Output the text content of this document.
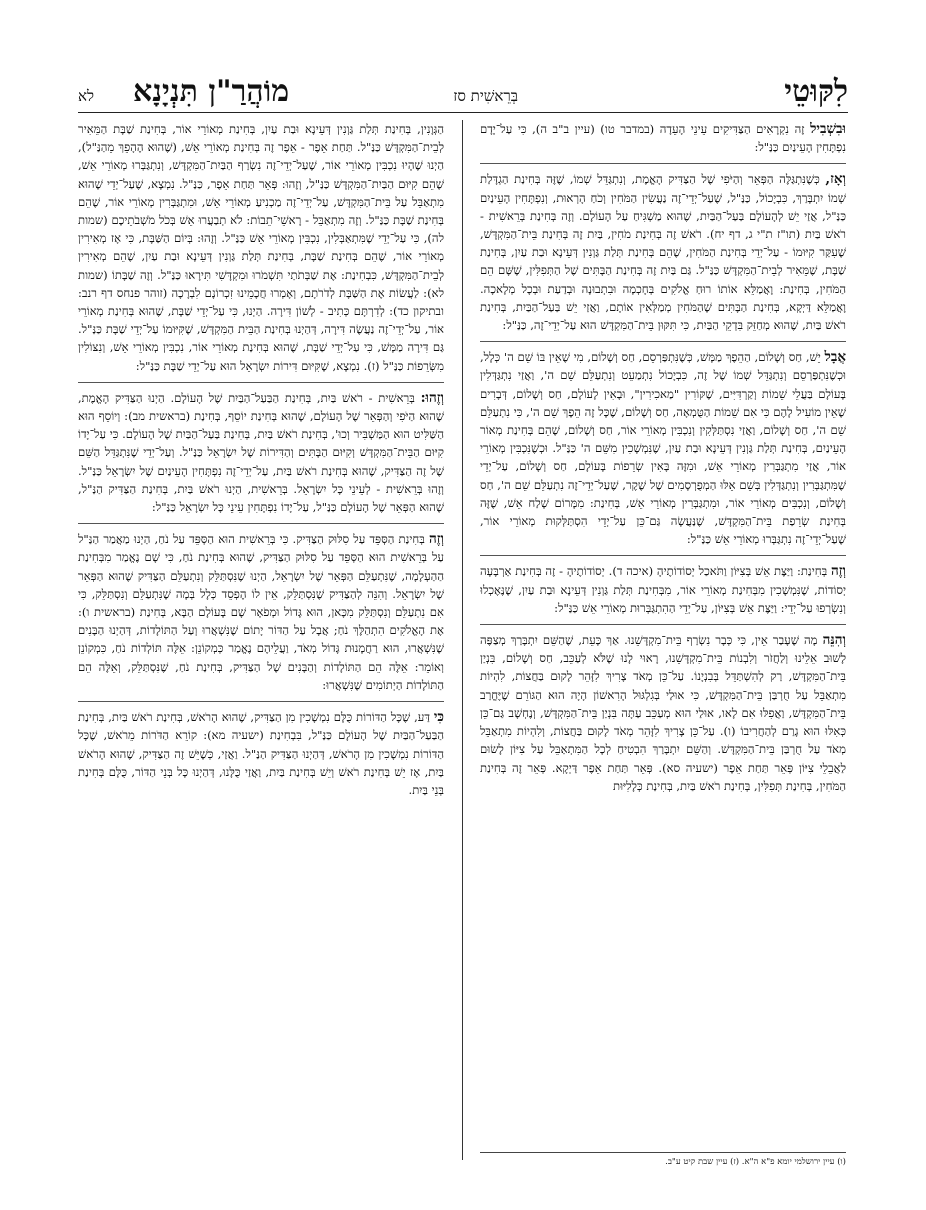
לִקּוּטֵי
בְּרֵאשִׁית סז
מוֹהֲרַ"ן תִּנְיָנָא
לא

וּבִשְׁבִיל זֶה נִקְרָאִים הַצַּדִּיקִים עֵינֵי הָעֵדָה (במדבר טו) (עיין ב"ב ה), כִּי עַל־יָדָם נִפְתָּחִין הָעֵינַיִם כַּנַּ"ל:

וְאָז, כְּשֶׁנִּתְגַּלֶּה הַפְּאֵר וְהַיֹּפִי שֶׁל הַצַּדִּיק הָאֱמֶת, וְנִתְגַּדֵּל שְׁמוֹ, שֶׁזֶּה בְּחִינַת הַגְדָּלַת שְׁמוֹ יִתְבָּרַךְ, כִּבְיָכוֹל, כַּנַּ"ל, שֶׁעַל־יְדֵי־זֶה נַעֲשִׂין הַמֹּחִין וְכֹחַ הָרְאוּת, וְנִפְתָּחִין הָעֵינַיִם כַּנַּ"ל, אֲזַי יֵשׁ לְהָעוֹלָם בַּעַל־הַבַּיִת, שֶׁהוּא מַשְׁגִּיחַ עַל הָעוֹלָם. וְזֶה בְּחִינַת בְּרֵאשִׁית - רֹאשׁ בַּיִת (תו"ז ת"י ג, דף יח). רֹאשׁ זֶה בְּחִינַת מֹחִין, בַּיִת זֶה בְּחִינַת בֵּית־הַמִּקְדָּשׁ, שֶׁעִקַּר קִיּוּמוֹ - עַל־יְדֵי בְּחִינַת הַמֹּחִין, שֶׁהֵם בְּחִינַת תְּלַת גַּוְנִין דְּעֵינָא וּבַת עַיִן, בְּחִינַת שַׁבָּת, שֶׁמֵּאִיר לְבֵית־הַמִּקְדָּשׁ כַּנַּ"ל. גַּם בַּיִת זֶה בְּחִינַת הַבָּתִּים שֶׁל הַתְּפִלִּין, שֶׁשָּׁם הֵם הַמֹּחִין, בְּחִינַת: וָאֲמַלֵּא אוֹתוֹ רוּחַ אֱלֹקִים בְּחָכְמָה וּבִתְבוּנָה וּבְדַעַת וּבְכָל מְלָאכָה. וָאֲמַלֵּא דַּיְקָא, בְּחִינַת הַבָּתִּים שֶׁהַמֹּחִין מְמַלְּאִין אוֹתָם, וַאֲזַי יֵשׁ בַּעַל־הַבַּיִת, בְּחִינַת רֹאשׁ בַּיִת, שֶׁהוּא מְחַזֵּק בִּדְקֵי הַבַּיִת, כִּי תִּקּוּן בֵּית־הַמִּקְדָּשׁ הוּא עַל־יְדֵי־זֶה, כַּנַּ"ל:

אֲבָל יֵשׁ, חַס וְשָׁלוֹם, הַהֵפֶךְ מַמָּשׁ, כְּשֶׁנִּתְפַּרְסֵם, חַס וְשָׁלוֹם, מִי שֶׁאֵין בּוֹ שֵׁם ה' כְּלָל, וּכְשֶׁנִּתְפַּרְסֵם וְנִתְגַּדֵּל שְׁמוֹ שֶׁל זֶה, כִּבְיָכוֹל נִתְמַעֵט וְנִתְעַלֵּם שֵׁם ה', וַאֲזַי נִתְגַּדְּלִין בָּעוֹלָם בַּעֲלֵי שֵׁמוֹת וְקַרְדִּיִּים, שֶׁקּוֹרִין "מַאכִירִין", וּבָאִין לָעוֹלָם, חַס וְשָׁלוֹם, דְּבָרִים שֶׁאֵין מוֹעִיל לָהֶם כִּי אִם שֵׁמוֹת הַטֻּמְאָה, חַס וְשָׁלוֹם, שֶׁכָּל זֶה הֵפֶךְ שֵׁם ה', כִּי נִתְעַלֵּם שֵׁם ה', חַס וְשָׁלוֹם, וַאֲזַי נִסְתַּלְּקִין וְנִכְבִּין מְאוֹרֵי אוֹר, חַס וְשָׁלוֹם, שֶׁהֵם בְּחִינַת מְאוֹר הָעֵינַיִם, בְּחִינַת תְּלַת גַּוְנִין דְּעֵינָא וּבַת עַיִן, שֶׁנִּמְשָׁכִין מִשֵּׁם ה' כַּנַּ"ל. וּכְשֶׁנִּכְבִּין מְאוֹרֵי אוֹר, אֲזַי מִתְגַּבְּרִין מְאוֹרֵי אֵשׁ, וּמִזֶּה בָּאִין שְׂרֵפוֹת בָּעוֹלָם, חַס וְשָׁלוֹם, עַל־יְדֵי שֶׁמִּתְגַּבְּרִין וְנִתְגַּדְּלִין בְּשֵׁם אֵלּוּ הַמְפֻרְסָמִים שֶׁל שֶׁקֶר, שֶׁעַל־יְדֵי־זֶה נִתְעַלֵּם שֵׁם ה', חַס וְשָׁלוֹם, וְנִכְבִּים מְאוֹרֵי אוֹר, וּמִתְגַּבְּרִין מְאוֹרֵי אֵשׁ, בְּחִינַת: מִמָּרוֹם שָׁלַח אֵשׁ, שֶׁזֶּה בְּחִינַת שְׂרֵפַת בֵּית־הַמִּקְדָּשׁ, שֶׁנַּעֲשָׂה גַּם־כֵּן עַל־יְדֵי הִסְתַּלְּקוּת מְאוֹרֵי אוֹר, שֶׁעַל־יְדֵי־זֶה נִתְגַּבְּרוּ מְאוֹרֵי אֵשׁ כַּנַּ"ל:

וְזֶה בְּחִינַת: וַיַּצֶּת אֵשׁ בְּצִיּוֹן וַתֹּאכַל יְסוֹדוֹתֶיהָ (איכה ד). יְסוֹדוֹתֶיהָ - זֶה בְּחִינַת אַרְבָּעָה יְסוֹדוֹת, שֶׁנִּמְשָׁכִין מִבְּחִינַת מְאוֹרֵי אוֹר, מִבְּחִינַת תְּלַת גַּוְנִין דְּעֵינָא וּבַת עַיִן, שֶׁנֶּאֶכְלוּ וְנִשְׂרְפוּ עַל־יְדֵי: וַיַּצֶּת אֵשׁ בְּצִיּוֹן, עַל־יְדֵי הַהִתְגַּבְּרוּת מְאוֹרֵי אֵשׁ כַּנַּ"ל:

וְהִנֵּה מָה שֶׁעָבַר אֵין, כִּי כְּבָר נִשְׂרַף בֵּית־מִקְדָּשֵׁנוּ. אַךְ כָּעֵת, שֶׁהַשֵּׁם יִתְבָּרַךְ מְצַפֶּה לָשׁוּב אֵלֵינוּ וְלַחֲזֹר וְלִבְנוֹת בֵּית־מִקְדָּשֵׁנוּ, רָאוּי לָנוּ שֶׁלֹּא לְעַכֵּב, חַס וְשָׁלוֹם, בִּנְיַן בֵּית־הַמִּקְדָּשׁ, רַק לְהִשְׁתַּדֵּל בְּבִנְיָנוֹ. עַל־כֵּן מְאֹד צָרִיךְ לִזָּהֵר לָקוּם בַּחֲצוֹת, לִהְיוֹת מִתְאַבֵּל עַל חֻרְבַּן בֵּית־הַמִּקְדָּשׁ, כִּי אוּלַי בְּגִלְגּוּל הָרִאשׁוֹן הָיָה הוּא הַגּוֹרֵם שֶׁיֶּחֱרַב בֵּית־הַמִּקְדָּשׁ, וַאֲפִלּוּ אִם לָאו, אוּלַי הוּא מְעַכֵּב עַתָּה בִּנְיַן בֵּית־הַמִּקְדָּשׁ, וְנֶחְשָׁב גַּם־כֵּן כְּאִלּוּ הוּא גָרַם לְהַחֲרִיבוֹ (ו). עַל־כֵּן צָרִיךְ לִזָּהֵר מְאֹד לָקוּם בַּחֲצוֹת, וְלִהְיוֹת מִתְאַבֵּל מְאֹד עַל חֻרְבַּן בֵּית־הַמִּקְדָּשׁ. וְהַשֵּׁם יִתְבָּרַךְ הִבְטִיחַ לְכָל הַמִּתְאַבֵּל עַל צִיּוֹן לָשׂוּם לַאֲבֵלֵי צִיּוֹן פְּאֵר תַּחַת אֵפֶר (ישעיה סא). פְּאֵר תַּחַת אֵפֶר דַּיְקָא. פְּאֵר זֶה בְּחִינַת הַמֹּחִין, בְּחִינַת תְּפִלִּין, בְּחִינַת רֹאשׁ בַּיִת, בְּחִינַת כְּלָלִיּוּת

הַגְּוָנִין, בְּחִינַת תְּלַת גַּוְנִין דְּעֵינָא וּבַת עַיִן, בְּחִינַת מְאוֹרֵי אוֹר, בְּחִינַת שַׁבָּת הַמֵּאִיר לְבֵית־הַמִּקְדָּשׁ כַּנַּ"ל. תַּחַת אֵפֶר - אֵפֶר זֶה בְּחִינַת מְאוֹרֵי אֵשׁ, (שֶׁהוּא הֶהָפֵךְ מֵהַנַּ"ל), הַיְנוּ שֶׁהָיוּ נִכְבִּין מְאוֹרֵי אוֹר, שֶׁעַל־יְדֵי־זֶה נִשְׂרַף הַבַּיִת־הַמִּקְדָּשׁ, וְנִתְגַּבְּרוּ מְאוֹרֵי אֵשׁ, שֶׁהֵם קִיּוּם הַבַּיִת־הַמִּקְדָּשׁ כַּנַּ"ל, וְזֶהוּ: פְּאֵר תַּחַת אֵפֶר, כַּנַּ"ל. נִמְצָא, שֶׁעַל־יְדֵי שֶׁהוּא מִתְאַבֵּל עַל בֵּית־הַמִּקְדָּשׁ, עַל־יְדֵי־זֶה מַכְנִיעַ מְאוֹרֵי אֵשׁ, וּמִתְגַּבְּרִין מְאוֹרֵי אוֹר, שֶׁהֵם בְּחִינַת שַׁבָּת כַּנַּ"ל. וְזֶה מִתְאַבֵּל - רָאשֵׁי־תֵבוֹת: לֹא תְבַעֲרוּ אֵשׁ בְּכֹל מֹשְׁבֹתֵיכֶם (שמות לה), כִּי עַל־יְדֵי שֶׁמִּתְאַבְּלִין, נִכְבִּין מְאוֹרֵי אֵשׁ כַּנַּ"ל. וְזֶהוּ: בְּיוֹם הַשַּׁבָּת, כִּי אָז מְאִירִין מְאוֹרֵי אוֹר, שֶׁהֵם בְּחִינַת שַׁבָּת, בְּחִינַת תְּלַת גַּוְנִין דְּעֵינָא וּבַת עַיִן, שֶׁהֵם מְאִירִין לְבֵית־הַמִּקְדָּשׁ, כִּבְחִינַת: אֶת שַׁבְּתֹתַי תִּשְׁמֹרוּ וּמִקְדָּשִׁי תִּירָאוּ כַּנַּ"ל. וְזֶה שַׁבָּתוֹ (שמות לא): לַעֲשׂוֹת אֶת הַשַּׁבָּת לְדֹרֹתָם, וְאָמְרוּ חֲכָמֵינוּ זִכְרוֹנָם לִבְרָכָה (זוהר פנחס דף רנב: ובתיקון כד): לְדִרְתָּם כְּתִיב - לְשׁוֹן דִּירָה. הַיְנוּ, כִּי עַל־יְדֵי שַׁבָּת, שֶׁהוּא בְּחִינַת מְאוֹרֵי אוֹר, עַל־יְדֵי־זֶה נַעֲשֶׂה דִּירָה, דְּהַיְנוּ בְּחִינַת הַבֵּית הַמִּקְדָּשׁ, שֶׁקִּיּוּמוֹ עַל־יְדֵי שַׁבָּת כַּנַּ"ל. גַּם דִּירָה מַמָּשׁ, כִּי עַל־יְדֵי שַׁבָּת, שֶׁהוּא בְּחִינַת מְאוֹרֵי אוֹר, נִכְבִּין מְאוֹרֵי אֵשׁ, וְנִצּוֹלִין מִשְּׂרֵפוֹת כַּנַּ"ל (ז). נִמְצָא, שֶׁקִּיּוּם דִּירוֹת יִשְׂרָאֵל הוּא עַל־יְדֵי שַׁבָּת כַּנַּ"ל:

וְזֶהוּ: בְּרֵאשִׁית - רֹאשׁ בַּיִת, בְּחִינַת הַבַּעַל־הַבַּיִת שֶׁל הָעוֹלָם. הַיְנוּ הַצַּדִּיק הָאֱמֶת, שֶׁהוּא הַיֹּפִי וְהַפְּאֵר שֶׁל הָעוֹלָם, שֶׁהוּא בְּחִינַת יוֹסֵף, בְּחִינַת (בראשית מב): וְיוֹסֵף הוּא הַשַּׁלִּיט הוּא הַמַּשְׁבִּיר וְכוּ', בְּחִינַת רֹאשׁ בַּיִת, בְּחִינַת בַּעַל־הַבַּיִת שֶׁל הָעוֹלָם. כִּי עַל־יָדוֹ קִיּוּם הַבֵּית־הַמִּקְדָּשׁ וְקִיּוּם הַבָּתִּים וְהַדִּירוֹת שֶׁל יִשְׂרָאֵל כַּנַּ"ל. וְעַל־יְדֵי שֶׁנִּתְגַּדֵּל הַשֵּׁם שֶׁל זֶה הַצַּדִּיק, שֶׁהוּא בְּחִינַת רֹאשׁ בַּיִת, עַל־יְדֵי־זֶה נִפְתָּחִין הָעֵינַיִם שֶׁל יִשְׂרָאֵל כַּנַּ"ל. וְזֶהוּ בְּרֵאשִׁית - לְעֵינֵי כָּל יִשְׂרָאֵל. בְּרֵאשִׁית, הַיְנוּ רֹאשׁ בַּיִת, בְּחִינַת הַצַּדִּיק הַנַּ"ל, שֶׁהוּא הַפְּאֵר שֶׁל הָעוֹלָם כַּנַּ"ל, עַל־יָדוֹ נִפְתָּחִין עֵינֵי כָּל יִשְׂרָאֵל כַּנַּ"ל:

וְזֶה בְּחִינַת הַסְּפֵּד עַל סִלּוּק הַצַּדִּיק. כִּי בְּרֵאשִׁית הוּא הַסְּפֵּד עַל נֹחַ, הַיְנוּ מַאֲמַר הַנַּ"ל עַל בְּרֵאשִׁית הוּא הַסְּפֵּד עַל סִלּוּק הַצַּדִּיק, שֶׁהוּא בְּחִינַת נֹחַ, כִּי שָׁם נֶאֱמַר מִבְּחִינַת הַהַעְלָמָה, שֶׁנִּתְעַלֵּם הַפְּאֵר שֶׁל יִשְׂרָאֵל, הַיְנוּ שֶׁנִּסְתַּלֵּק וְנִתְעַלֵּם הַצַּדִּיק שֶׁהוּא הַפְּאֵר שֶׁל יִשְׂרָאֵל. וְהִנֵּה לְהַצַּדִּיק שֶׁנִּסְתַּלֵּק, אֵין לוֹ הֶפְסֵד כְּלָל בְּמָה שֶׁנִּתְעַלֵּם וְנִסְתַּלֵּק, כִּי אִם נִתְעַלֵּם וְנִסְתַּלֵּק מִכָּאן, הוּא גָּדוֹל וּמְפֹאָר שָׁם בָּעוֹלָם הַבָּא, בְּחִינַת (בראשית ו): אֶת הָאֱלֹקִים הִתְהַלֶּךְ נֹחַ; אֲבָל עַל הַדּוֹר יָתוֹם שֶׁנִּשְׁאֲרוּ וְעַל הַתּוֹלָדוֹת, דְּהַיְנוּ הַבָּנִים שֶׁנִּשְׁאֲרוּ, הוּא רַחֲמָנוּת גָּדוֹל מְאֹד, וַעֲלֵיהֶם נֶאֱמַר כְּמְקוֹנֵן: אֵלֶּה תּוֹלְדוֹת נֹחַ, כִּמְקוֹנֵן וְאוֹמֵר: אֵלֶּה הֵם הַתּוֹלָדוֹת וְהַבָּנִים שֶׁל הַצַּדִּיק, בְּחִינַת נֹחַ, שֶׁנִּסְתַּלֵּק, וְאֵלֶּה הֵם הַתּוֹלָדוֹת הַיְתוֹמִים שֶׁנִּשְׁאֲרוּ:

כִּי דַּע, שֶׁכָּל הַדּוֹרוֹת כֻּלָּם נִמְשָׁכִין מִן הַצַּדִּיק, שֶׁהוּא הָרֹאשׁ, בְּחִינַת רֹאשׁ בַּיִת, בְּחִינַת הַבַּעַל־הַבַּיִת שֶׁל הָעוֹלָם כַּנַּ"ל, בִּבְחִינַת (ישעיה מא): קוֹרֵא הַדֹּרוֹת מֵרֹאשׁ, שֶׁכָּל הַדּוֹרוֹת נִמְשָׁכִין מִן הָרֹאשׁ, דְּהַיְנוּ הַצַּדִּיק הַנַּ"ל. וַאֲזַי, כְּשֶׁיֵּשׁ זֶה הַצַּדִּיק, שֶׁהוּא הָרֹאשׁ בַּיִת, אָז יֵשׁ בְּחִינַת רֹאשׁ וְיֵשׁ בְּחִינַת בַּיִת, וַאֲזַי כֻּלָּנוּ, דְּהַיְנוּ כָּל בְּנֵי הַדּוֹר, כֻּלָּם בְּחִינַת בְּנֵי בַּיִת.

(ו) עיין ירושלמי יומא פ"א ה"א. (ז) עיין שבת קיט ע"ב.
